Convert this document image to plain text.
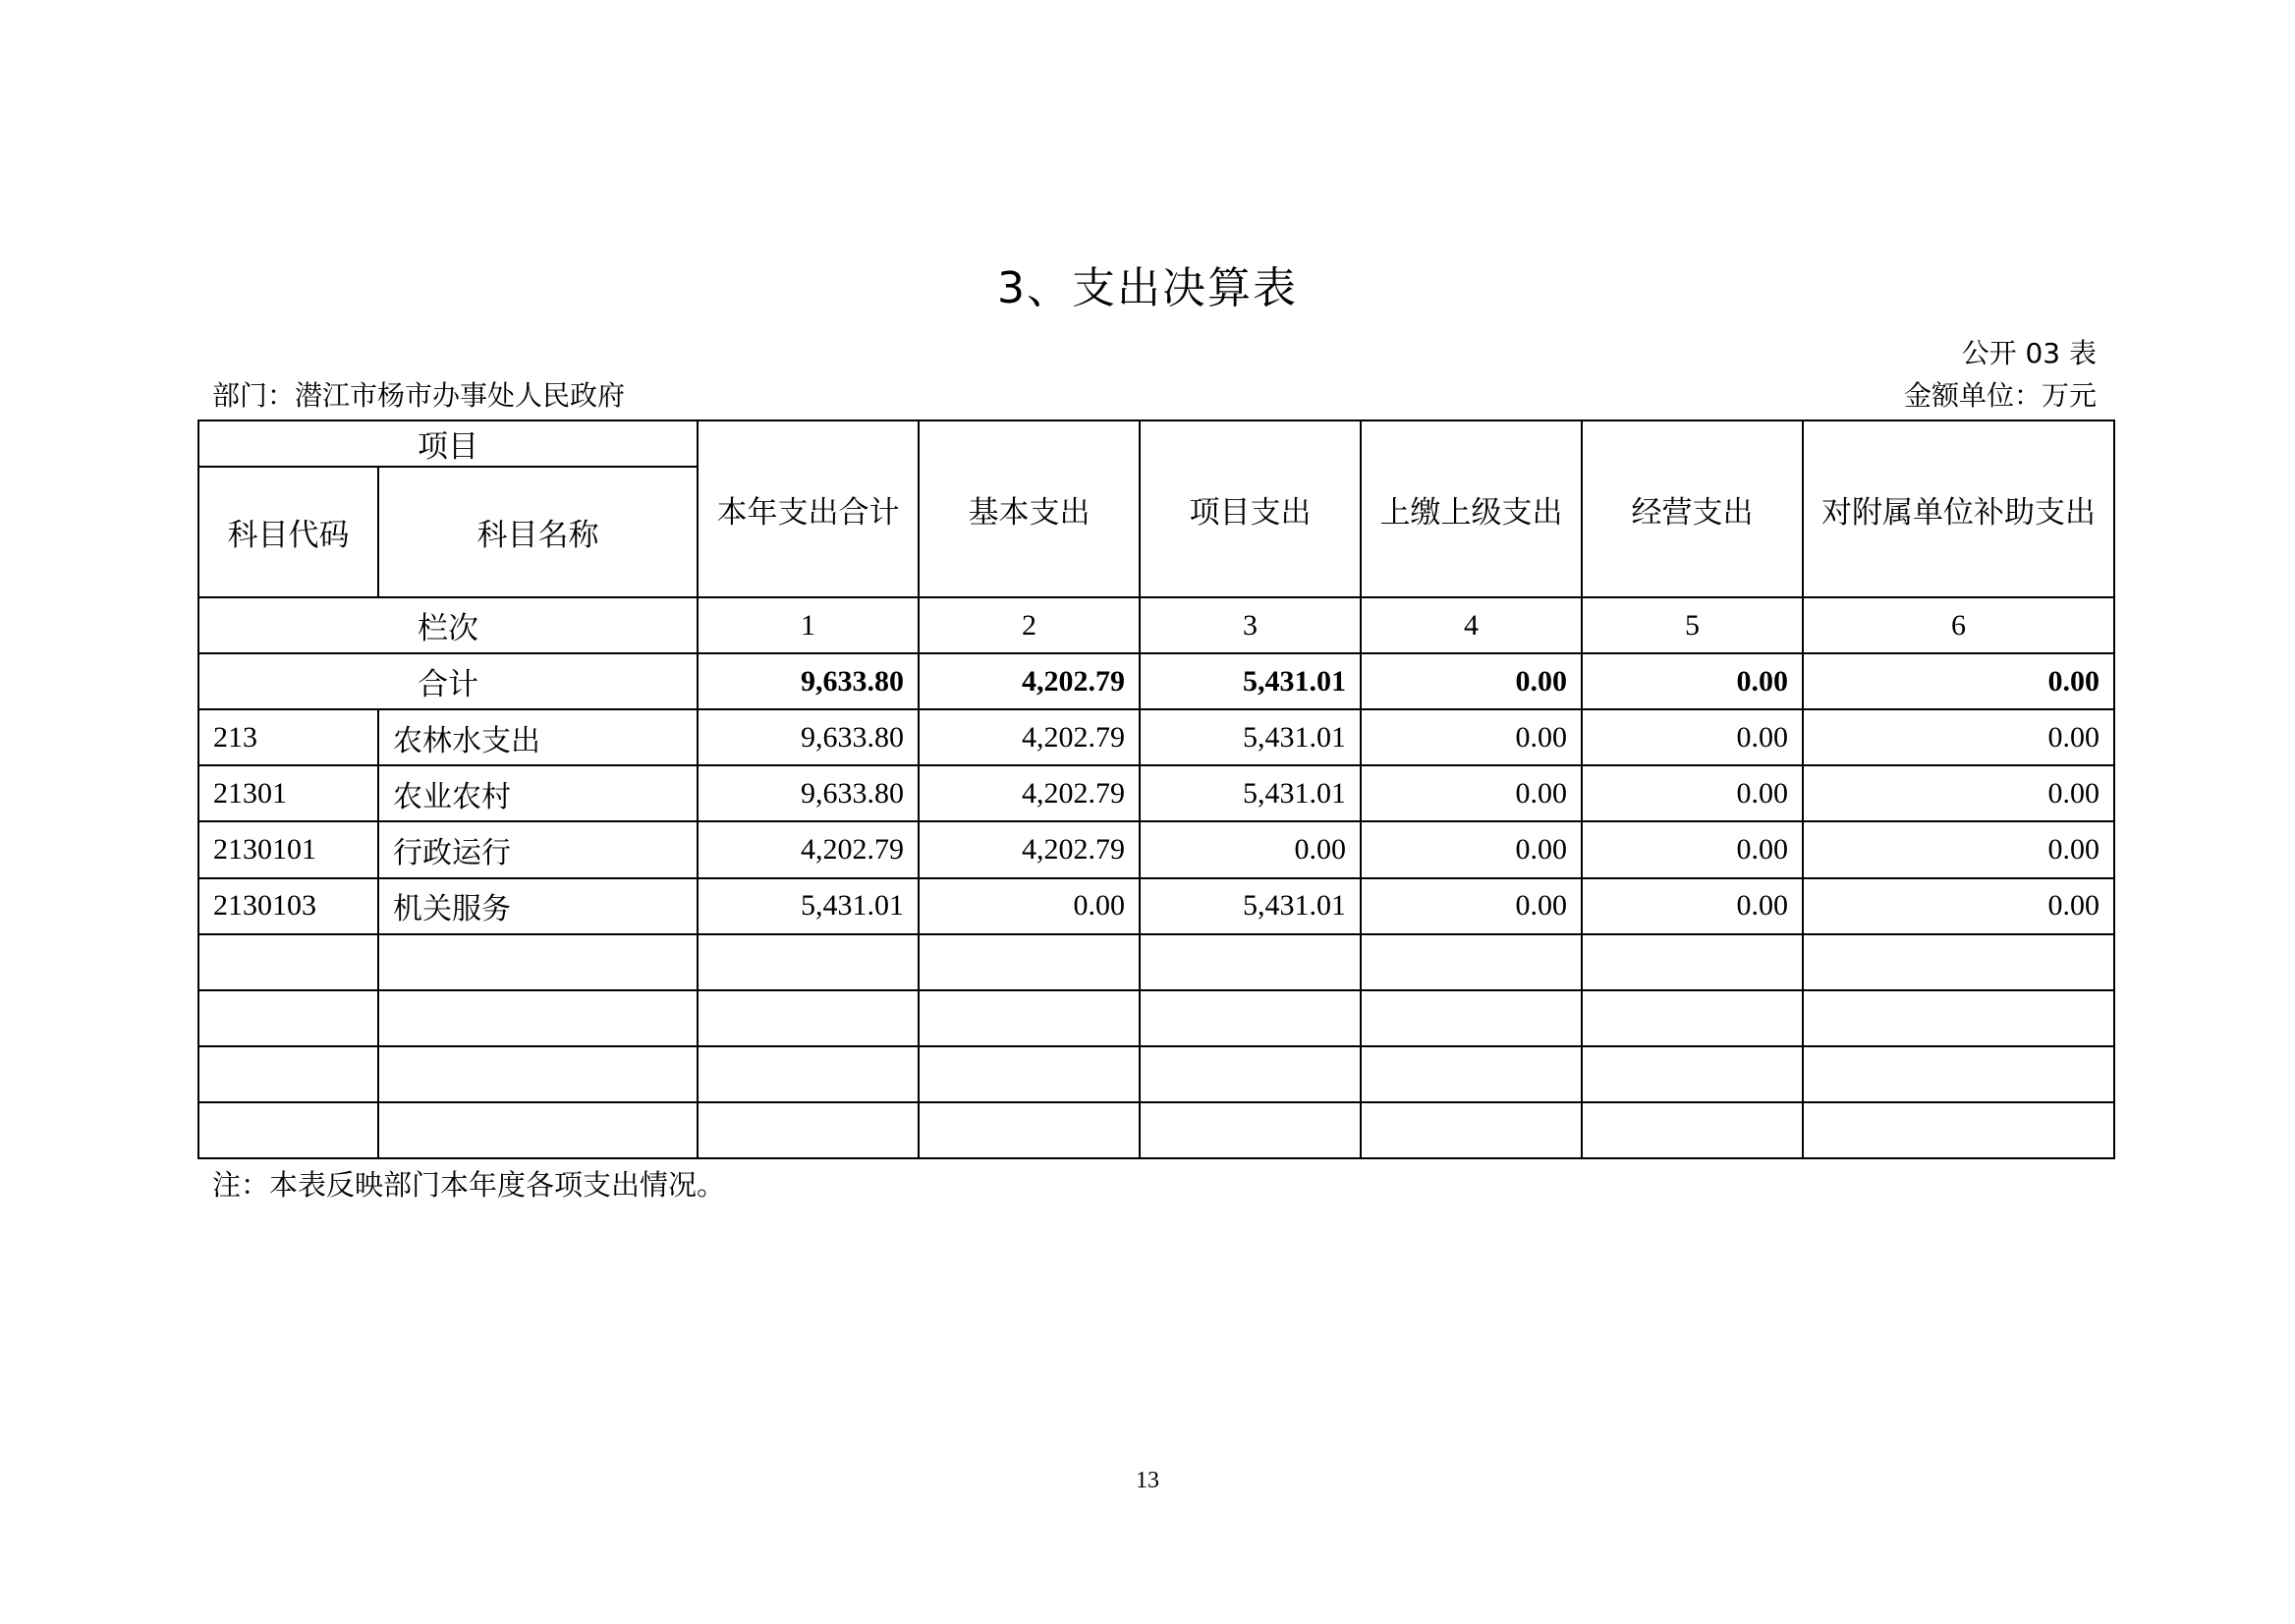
3、支出决算表
公开 03 表
部门：潜江市杨市办事处人民政府	金额单位：万元
项目		本年支出合计	基本支出	项目支出	上缴上级支出	经营支出	对附属单位补助支出
科目代码	科目名称						
栏次		1	2	3	4	5	6
合计		9,633.80	4,202.79	5,431.01	0.00	0.00	0.00
213	农林水支出	9,633.80	4,202.79	5,431.01	0.00	0.00	0.00
21301	农业农村	9,633.80	4,202.79	5,431.01	0.00	0.00	0.00
2130101	行政运行	4,202.79	4,202.79	0.00	0.00	0.00	0.00
2130103	机关服务	5,431.01	0.00	5,431.01	0.00	0.00	0.00

注：本表反映部门本年度各项支出情况。
13
